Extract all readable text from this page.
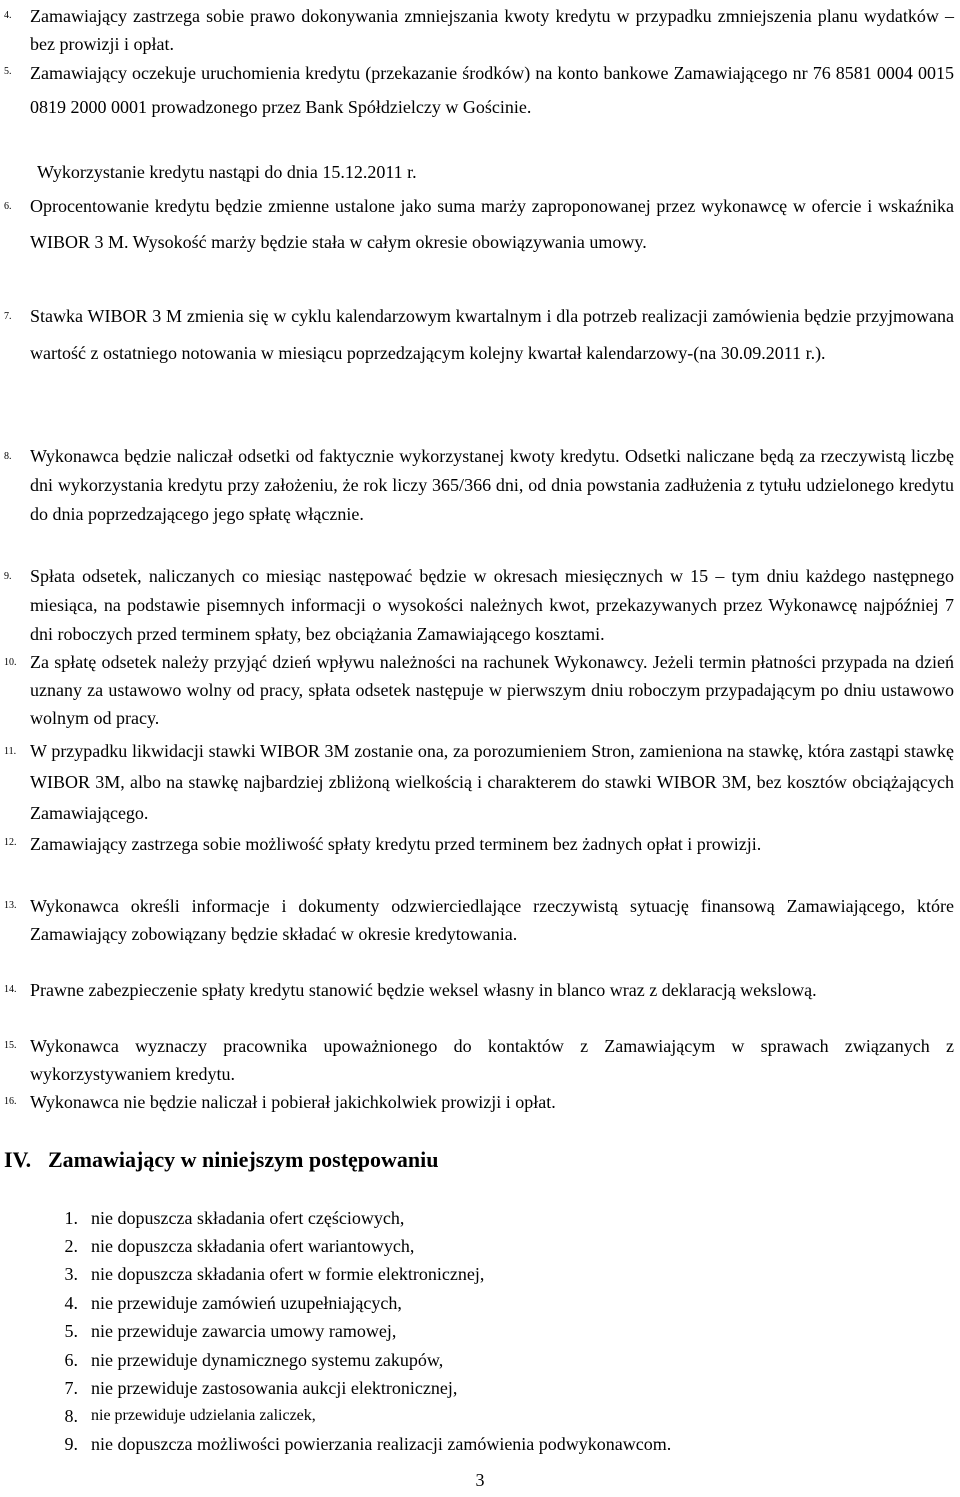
4. Zamawiający zastrzega sobie prawo dokonywania zmniejszania kwoty kredytu w przypadku zmniejszenia planu wydatków – bez prowizji i opłat.
5. Zamawiający oczekuje uruchomienia kredytu (przekazanie środków) na konto bankowe Zamawiającego nr 76 8581 0004 0015 0819 2000 0001 prowadzonego przez Bank Spółdzielczy w Gościnie.
Wykorzystanie kredytu nastąpi do dnia 15.12.2011 r.
6. Oprocentowanie kredytu będzie zmienne ustalone jako suma marży zaproponowanej przez wykonawcę w ofercie i wskaźnika WIBOR 3 M. Wysokość marży będzie stała w całym okresie obowiązywania umowy.
7. Stawka WIBOR 3 M zmienia się w cyklu kalendarzowym kwartalnym i dla potrzeb realizacji zamówienia będzie przyjmowana wartość z ostatniego notowania w miesiącu poprzedzającym kolejny kwartał kalendarzowy-(na 30.09.2011 r.).
8. Wykonawca będzie naliczał odsetki od faktycznie wykorzystanej kwoty kredytu. Odsetki naliczane będą za rzeczywistą liczbę dni wykorzystania kredytu przy założeniu, że rok liczy 365/366 dni, od dnia powstania zadłużenia z tytułu udzielonego kredytu do dnia poprzedzającego jego spłatę włącznie.
9. Spłata odsetek, naliczanych co miesiąc następować będzie w okresach miesięcznych w 15 – tym dniu każdego następnego miesiąca, na podstawie pisemnych informacji o wysokości należnych kwot, przekazywanych przez Wykonawcę najpóźniej 7 dni roboczych przed terminem spłaty, bez obciążania Zamawiającego kosztami.
10. Za spłatę odsetek należy przyjąć dzień wpływu należności na rachunek Wykonawcy. Jeżeli termin płatności przypada na dzień uznany za ustawowo wolny od pracy, spłata odsetek następuje w pierwszym dniu roboczym przypadającym po dniu ustawowo wolnym od pracy.
11. W przypadku likwidacji stawki WIBOR 3M zostanie ona, za porozumieniem Stron, zamieniona na stawkę, która zastąpi stawkę WIBOR 3M, albo na stawkę najbardziej zbliżoną wielkością i charakterem do stawki WIBOR 3M, bez kosztów obciążających Zamawiającego.
12. Zamawiający zastrzega sobie możliwość spłaty kredytu przed terminem bez żadnych opłat i prowizji.
13. Wykonawca określi informacje i dokumenty odzwierciedlające rzeczywistą sytuację finansową Zamawiającego, które Zamawiający zobowiązany będzie składać w okresie kredytowania.
14. Prawne zabezpieczenie spłaty kredytu stanowić będzie weksel własny in blanco wraz z deklaracją wekslową.
15. Wykonawca wyznaczy pracownika upoważnionego do kontaktów z Zamawiającym w sprawach związanych z wykorzystywaniem kredytu.
16. Wykonawca nie będzie naliczał i pobierał jakichkolwiek prowizji i opłat.
IV. Zamawiający w niniejszym postępowaniu
1. nie dopuszcza składania ofert częściowych,
2. nie dopuszcza składania ofert wariantowych,
3. nie dopuszcza składania ofert w formie elektronicznej,
4. nie przewiduje zamówień uzupełniających,
5. nie przewiduje zawarcia umowy ramowej,
6. nie przewiduje dynamicznego systemu zakupów,
7. nie przewiduje zastosowania aukcji elektronicznej,
8. nie przewiduje udzielania zaliczek,
9. nie dopuszcza możliwości powierzania realizacji zamówienia podwykonawcom.
3
